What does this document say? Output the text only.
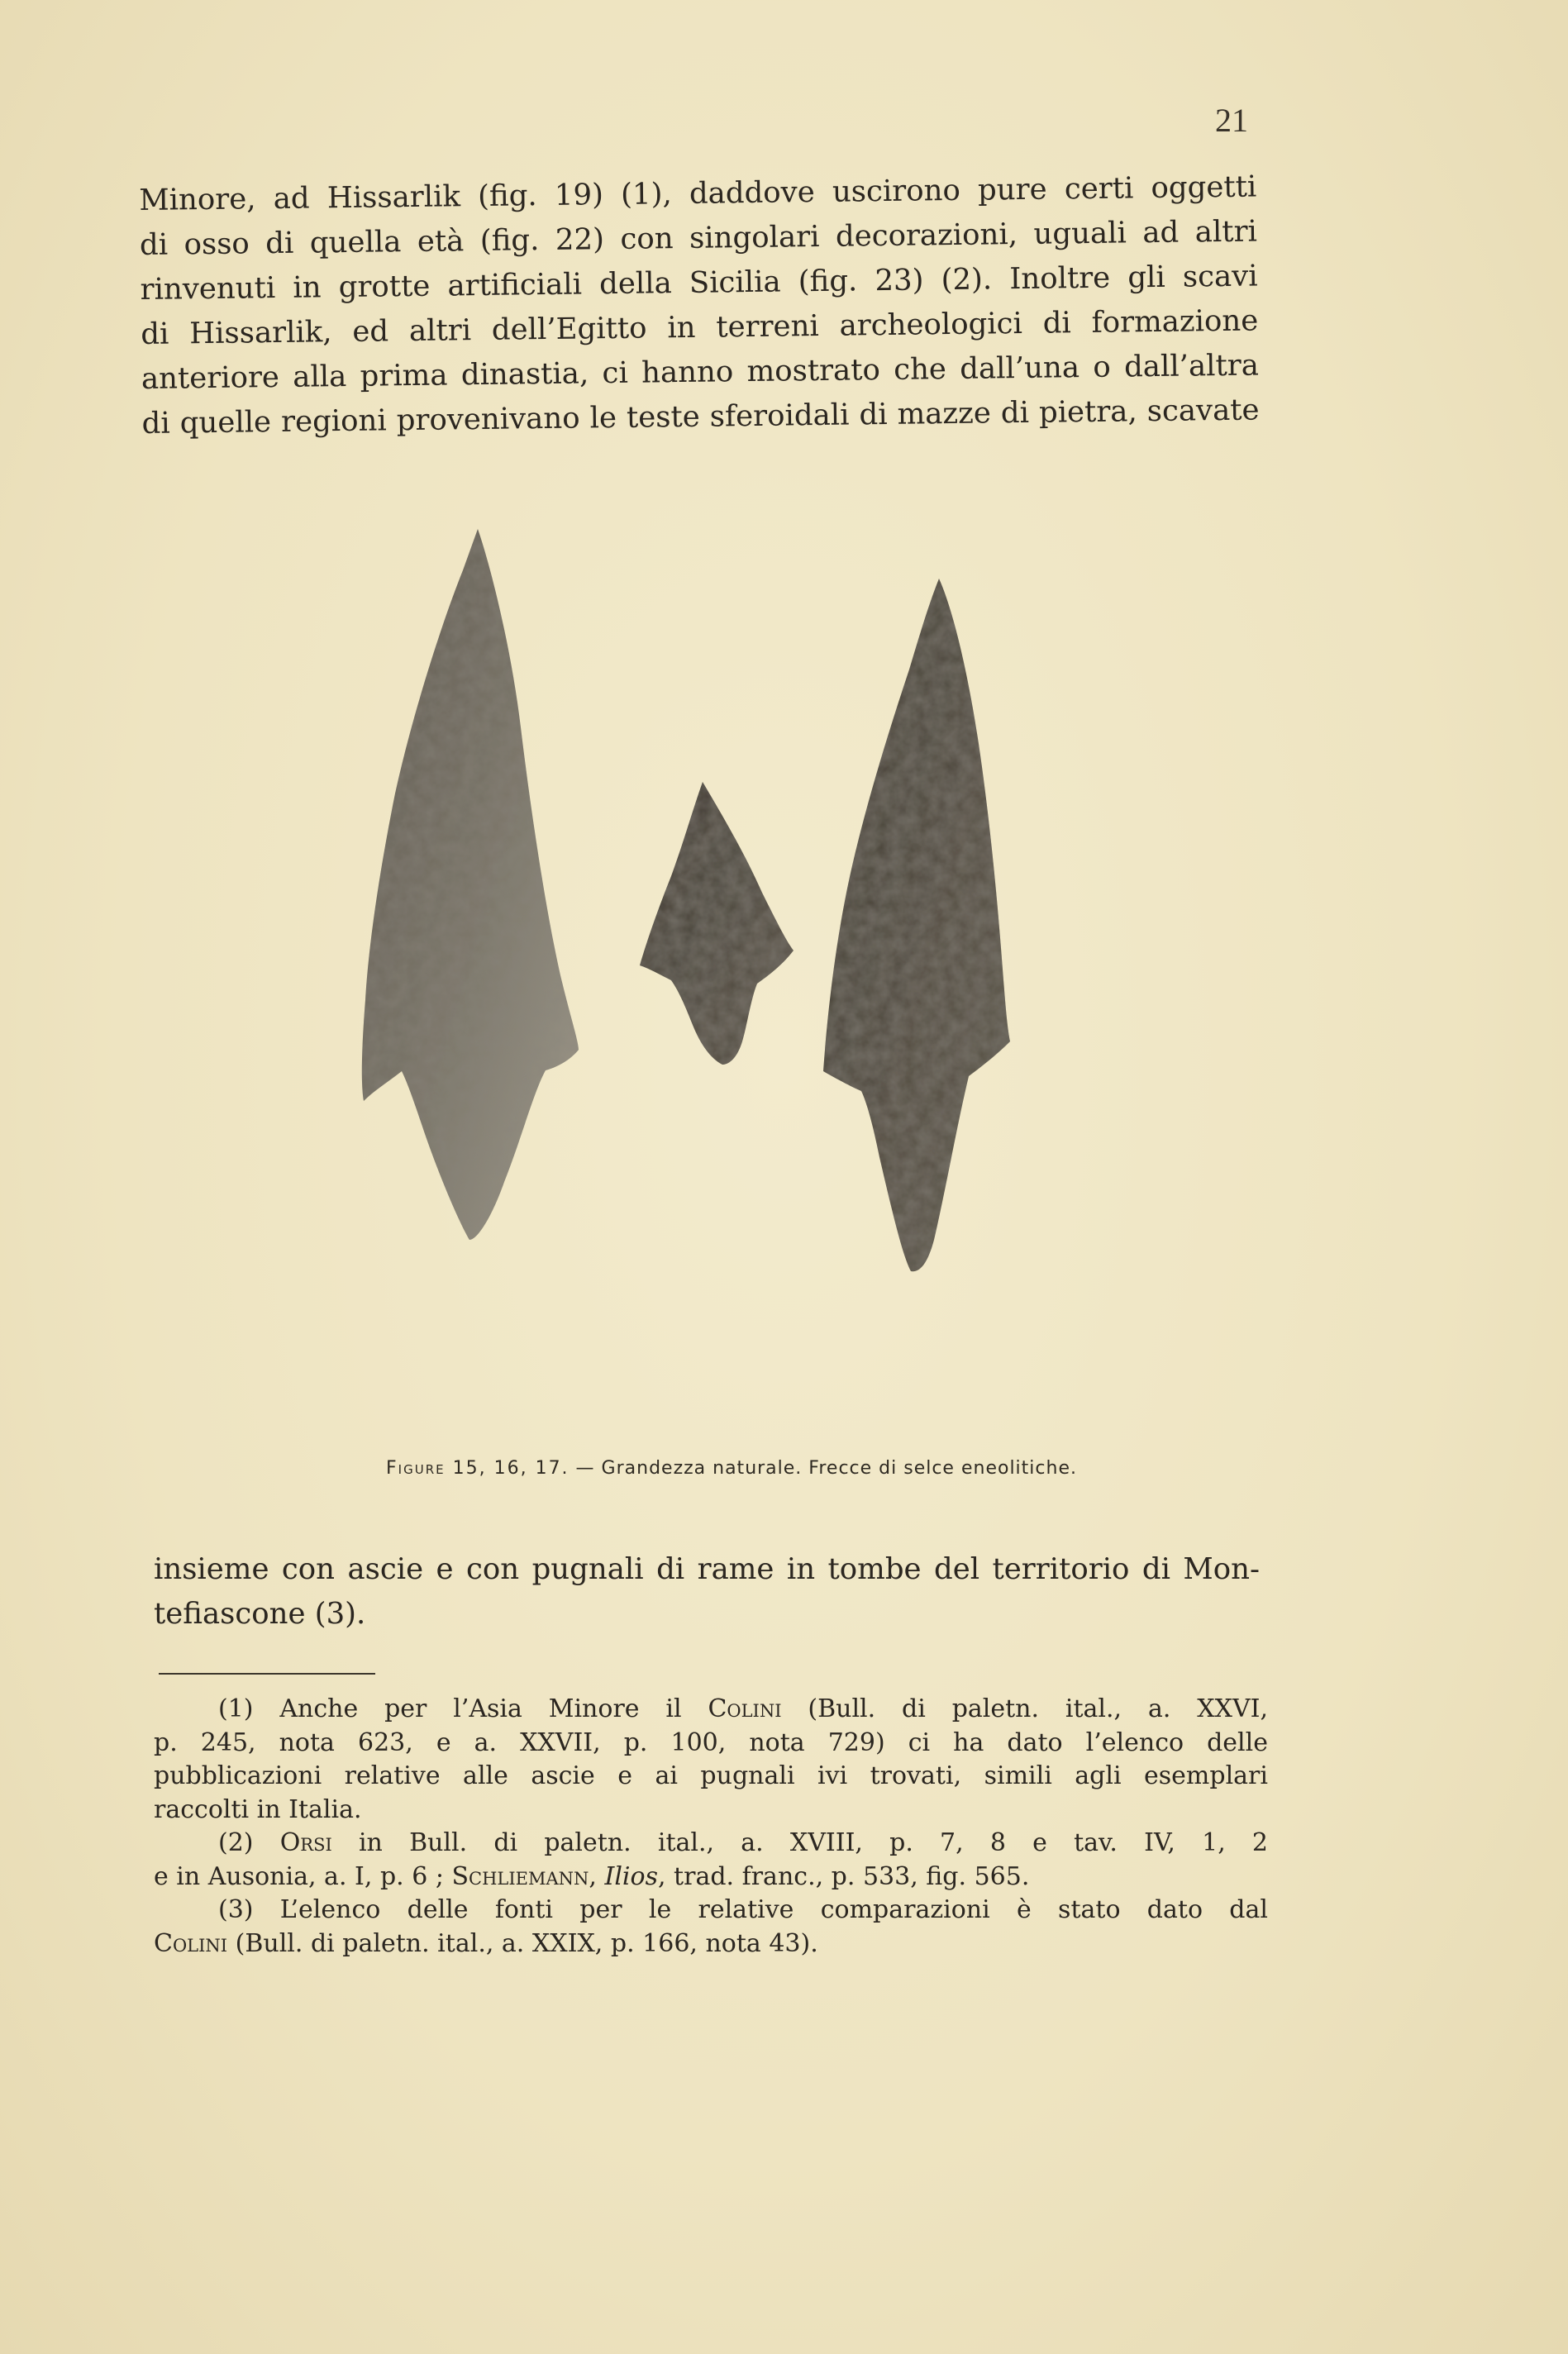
21
Minore, ad Hissarlik (fig. 19) (1), daddove uscirono pure certi oggetti
di osso di quella età (fig. 22) con singolari decorazioni, uguali ad altri
rinvenuti in grotte artificiali della Sicilia (fig. 23) (2). Inoltre gli scavi
di Hissarlik, ed altri dell’Egitto in terreni archeologici di formazione
anteriore alla prima dinastia, ci hanno mostrato che dall’una o dall’altra
di quelle regioni provenivano le teste sferoidali di mazze di pietra, scavate
Figure 15, 16, 17. — Grandezza naturale. Frecce di selce eneolitiche.
insieme con ascie e con pugnali di rame in tombe del territorio di Mon-
tefiascone (3).
(1) Anche per l’Asia Minore il Colini (Bull. di paletn. ital., a. XXVI,
p. 245, nota 623, e a. XXVII, p. 100, nota 729) ci ha dato l’elenco delle
pubblicazioni relative alle ascie e ai pugnali ivi trovati, simili agli esemplari
raccolti in Italia.
(2) Orsi in Bull. di paletn. ital., a. XVIII, p. 7, 8 e tav. IV, 1, 2
e in Ausonia, a. I, p. 6 ; Schliemann, Ilios, trad. franc., p. 533, fig. 565.
(3) L’elenco delle fonti per le relative comparazioni è stato dato dal
Colini (Bull. di paletn. ital., a. XXIX, p. 166, nota 43).
